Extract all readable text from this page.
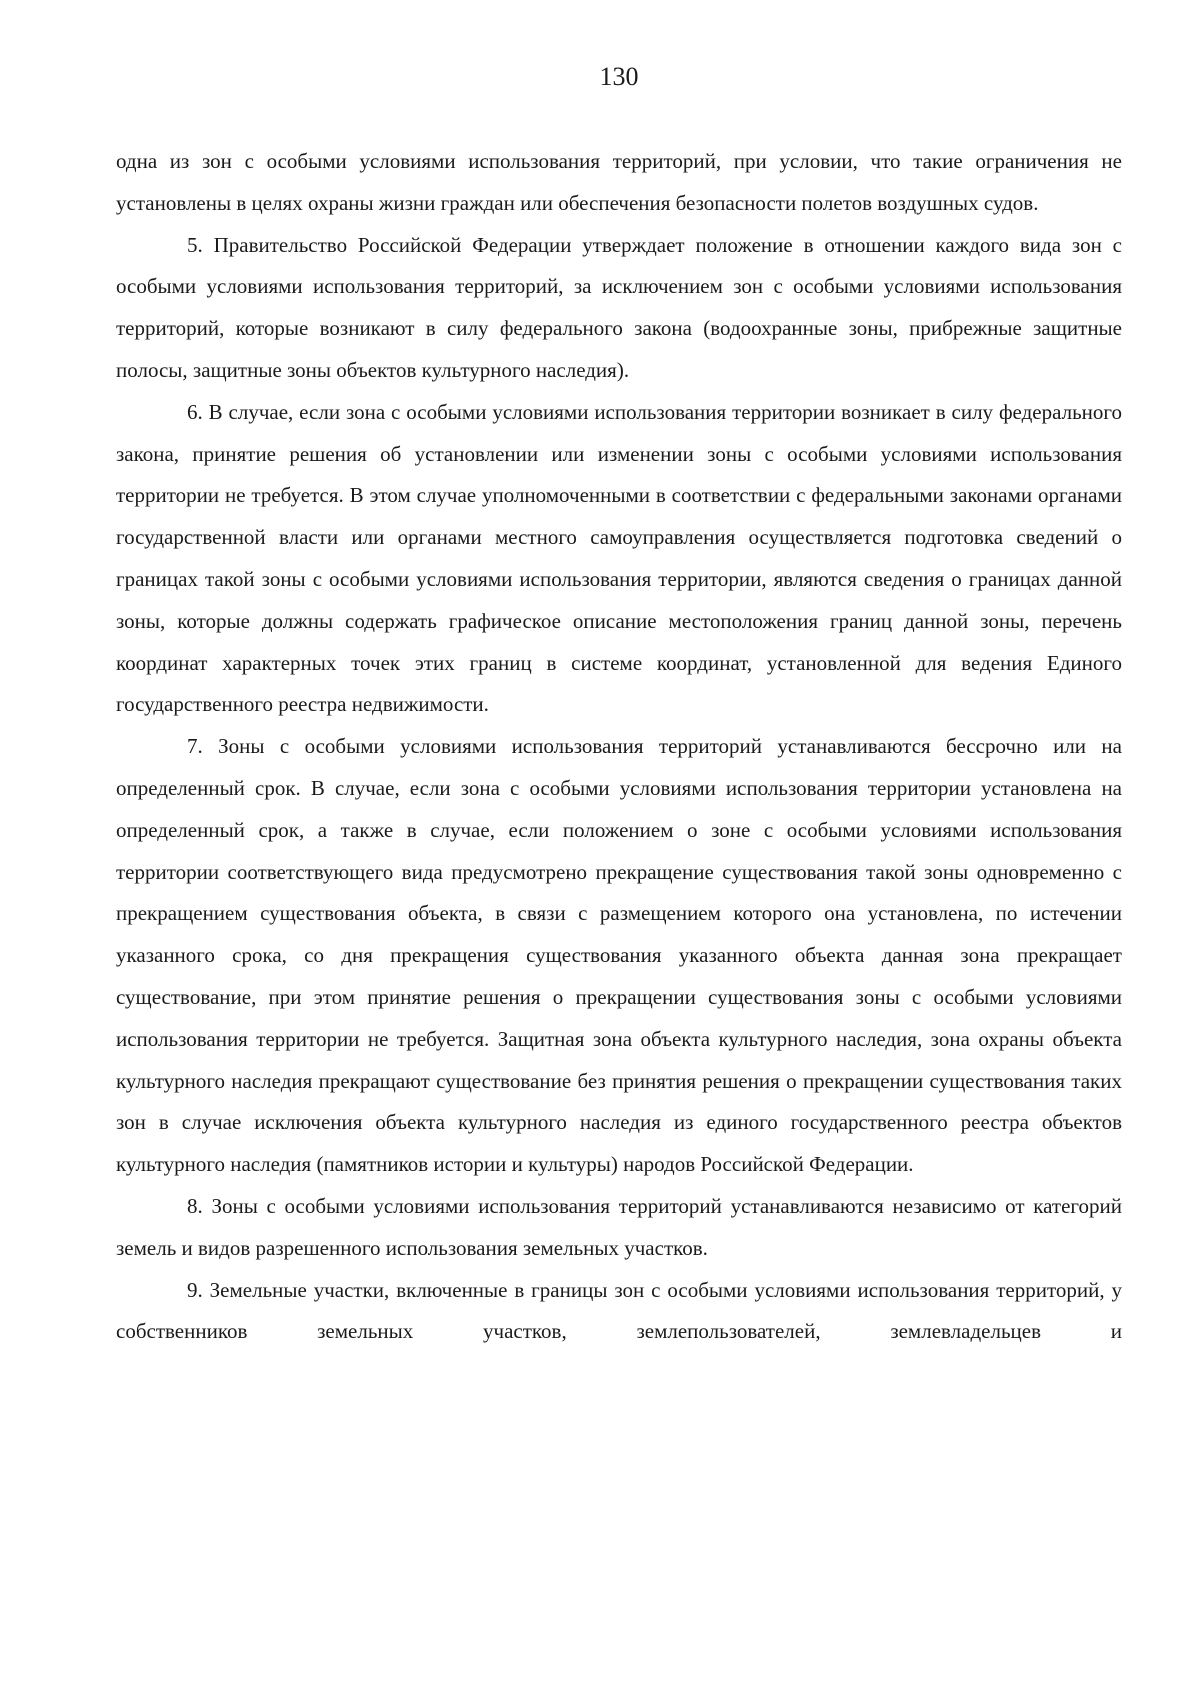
130

одна из зон с особыми условиями использования территорий, при условии, что такие ограничения не установлены в целях охраны жизни граждан или обеспечения безопасности полетов воздушных судов.

5. Правительство Российской Федерации утверждает положение в отношении каждого вида зон с особыми условиями использования территорий, за исключением зон с особыми условиями использования территорий, которые возникают в силу федерального закона (водоохранные зоны, прибрежные защитные полосы, защитные зоны объектов культурного наследия).

6. В случае, если зона с особыми условиями использования территории возникает в силу федерального закона, принятие решения об установлении или изменении зоны с особыми условиями использования территории не требуется. В этом случае уполномоченными в соответствии с федеральными законами органами государственной власти или органами местного самоуправления осуществляется подготовка сведений о границах такой зоны с особыми условиями использования территории, являются сведения о границах данной зоны, которые должны содержать графическое описание местоположения границ данной зоны, перечень координат характерных точек этих границ в системе координат, установленной для ведения Единого государственного реестра недвижимости.

7. Зоны с особыми условиями использования территорий устанавливаются бессрочно или на определенный срок. В случае, если зона с особыми условиями использования территории установлена на определенный срок, а также в случае, если положением о зоне с особыми условиями использования территории соответствующего вида предусмотрено прекращение существования такой зоны одновременно с прекращением существования объекта, в связи с размещением которого она установлена, по истечении указанного срока, со дня прекращения существования указанного объекта данная зона прекращает существование, при этом принятие решения о прекращении существования зоны с особыми условиями использования территории не требуется. Защитная зона объекта культурного наследия, зона охраны объекта культурного наследия прекращают существование без принятия решения о прекращении существования таких зон в случае исключения объекта культурного наследия из единого государственного реестра объектов культурного наследия (памятников истории и культуры) народов Российской Федерации.

8. Зоны с особыми условиями использования территорий устанавливаются независимо от категорий земель и видов разрешенного использования земельных участков.

9. Земельные участки, включенные в границы зон с особыми условиями использования территорий, у собственников земельных участков, землепользователей, землевладельцев и
